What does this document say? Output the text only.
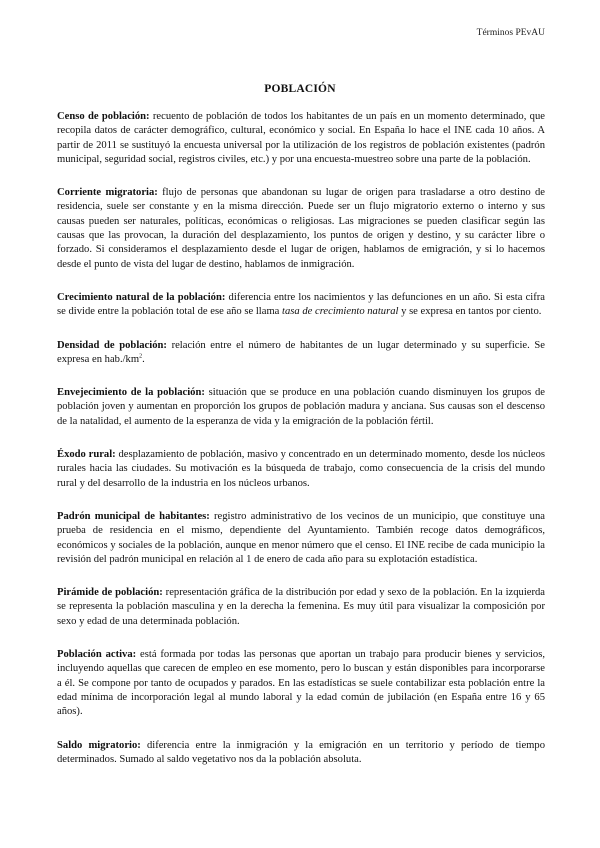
Términos PEvAU
POBLACIÓN

Censo de población: recuento de población de todos los habitantes de un país en un momento determinado, que recopila datos de carácter demográfico, cultural, económico y social. En España lo hace el INE cada 10 años. A partir de 2011 se sustituyó la encuesta universal por la utilización de los registros de población existentes (padrón municipal, seguridad social, registros civiles, etc.) y por una encuesta-muestreo sobre una parte de la población.

Corriente migratoria: flujo de personas que abandonan su lugar de origen para trasladarse a otro destino de residencia, suele ser constante y en la misma dirección. Puede ser un flujo migratorio externo o interno y sus causas pueden ser naturales, políticas, económicas o religiosas. Las migraciones se pueden clasificar según las causas que las provocan, la duración del desplazamiento, los puntos de origen y destino, y su carácter libre o forzado. Si consideramos el desplazamiento desde el lugar de origen, hablamos de emigración, y si lo hacemos desde el punto de vista del lugar de destino, hablamos de inmigración.

Crecimiento natural de la población: diferencia entre los nacimientos y las defunciones en un año. Si esta cifra se divide entre la población total de ese año se llama tasa de crecimiento natural y se expresa en tantos por ciento.

Densidad de población: relación entre el número de habitantes de un lugar determinado y su superficie. Se expresa en $hab./km^2$.

Envejecimiento de la población: situación que se produce en una población cuando disminuyen los grupos de población joven y aumentan en proporción los grupos de población madura y anciana. Sus causas son el descenso de la natalidad, el aumento de la esperanza de vida y la emigración de la población fértil.

Éxodo rural: desplazamiento de población, masivo y concentrado en un determinado momento, desde los núcleos rurales hacia las ciudades. Su motivación es la búsqueda de trabajo, como consecuencia de la crisis del mundo rural y del desarrollo de la industria en los núcleos urbanos.

Padrón municipal de habitantes: registro administrativo de los vecinos de un municipio, que constituye una prueba de residencia en el mismo, dependiente del Ayuntamiento. También recoge datos demográficos, económicos y sociales de la población, aunque en menor número que el censo. El INE recibe de cada municipio la revisión del padrón municipal en relación al 1 de enero de cada año para su explotación estadística.

Pirámide de población: representación gráfica de la distribución por edad y sexo de la población. En la izquierda se representa la población masculina y en la derecha la femenina. Es muy útil para visualizar la composición por sexo y edad de una determinada población.

Población activa: está formada por todas las personas que aportan un trabajo para producir bienes y servicios, incluyendo aquellas que carecen de empleo en ese momento, pero lo buscan y están disponibles para incorporarse a él. Se compone por tanto de ocupados y parados. En las estadísticas se suele contabilizar esta población entre la edad mínima de incorporación legal al mundo laboral y la edad común de jubilación (en España entre 16 y 65 años).

Saldo migratorio: diferencia entre la inmigración y la emigración en un territorio y período de tiempo determinados. Sumado al saldo vegetativo nos da la población absoluta.
